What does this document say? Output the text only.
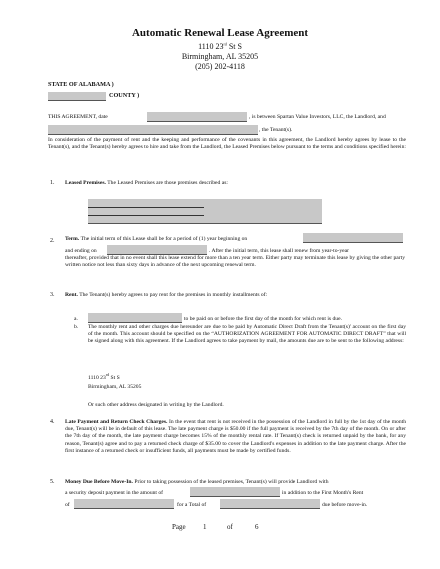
Automatic Renewal Lease Agreement
1110 23rd St S
Birmingham, AL 35205
(205) 202-4118
STATE OF ALABAMA )
COUNTY )
THIS AGREEMENT, date	, is between Spartan Value Investors, LLC, the Landlord, and
, the Tenant(s).
In consideration of the payment of rent and the keeping and performance of the covenants in this agreement, the Landlord hereby agrees by lease to the Tenant(s), and the Tenant(s) hereby agrees to hire and take from the Landlord, the Leased Premises below pursuant to the terms and conditions specified herein:
1. Leased Premises. The Leased Premises are those premises described as:
2. Term. The initial term of this Lease shall be for a period of (1) year beginning on
and ending on	. After the initial term, this lease shall renew from year-to-year
thereafter, provided that in no event shall this lease extend for more than a ten year term. Either party may terminate this lease by giving the other party written notice not less than sixty days in advance of the next upcoming renewal term.
3. Rent. The Tenant(s) hereby agrees to pay rent for the premises in monthly installments of:
a.	to be paid on or before the first day of the month for which rent is due.
b. The monthly rent and other charges due hereunder are due to be paid by Automatic Direct Draft from the Tenant(s)' account on the first day of the month. This account should be specified on the “AUTHORIZATION AGREEMENT FOR AUTOMATIC DIRECT DRAFT” that will be signed along with this agreement. If the Landlord agrees to take payment by mail, the amounts due are to be sent to the following address:
1110 23rd St S
Birmingham, AL 35205
Or such other address designated in writing by the Landlord.
4. Late Payment and Return Check Charges. In the event that rent is not received in the possession of the Landlord in full by the 1st day of the month due, Tenant(s) will be in default of this lease. The late payment charge is $50.00 if the full payment is received by the 7th day of the month. On or after the 7th day of the month, the late payment charge becomes 15% of the monthly rental rate. If Tenant(s) check is returned unpaid by the bank, for any reason, Tenant(s) agree and to pay a returned check charge of $35.00 to cover the Landlord's expenses in addition to the late payment charge. After the first instance of a returned check or insufficient funds, all payments must be made by certified funds.
5. Money Due Before Move-In. Prior to taking possession of the leased premises, Tenant(s) will provide Landlord with
a security deposit payment in the amount of	in addition to the First Month's Rent
of	for a Total of	due before move-in.
Page 1	of	6
